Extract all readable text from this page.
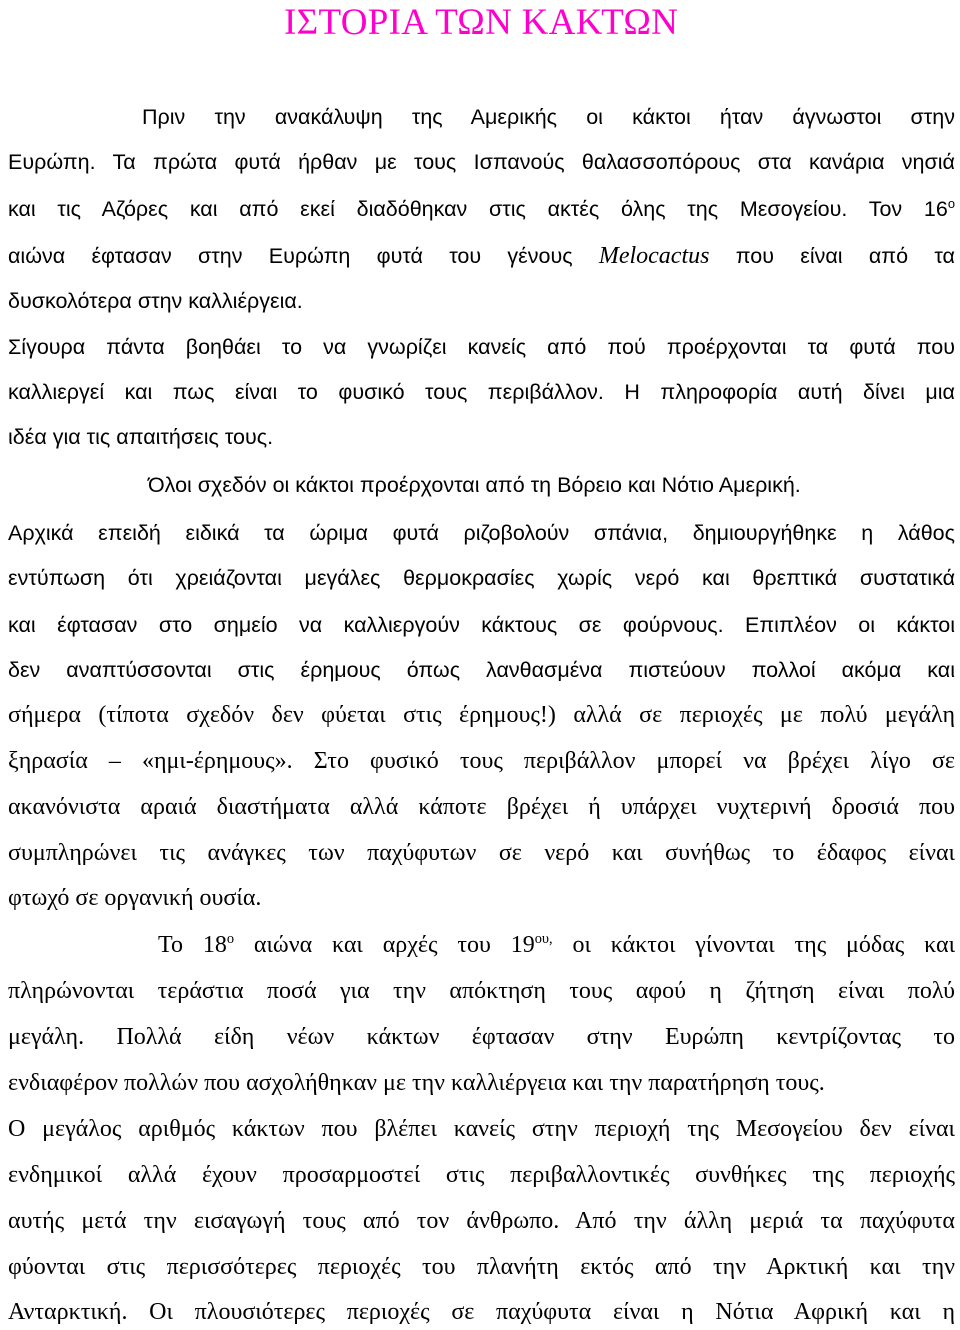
ΙΣΤΟΡΙΑ ΤΩΝ ΚΑΚΤΩΝ
Πριν την ανακάλυψη της Αμερικής οι κάκτοι ήταν άγνωστοι στην
Ευρώπη. Τα πρώτα φυτά ήρθαν με τους Ισπανούς θαλασσοπόρους στα κανάρια νησιά
και τις Αζόρες και από εκεί διαδόθηκαν στις ακτές όλης της Μεσογείου. Τον $16^o$
αιώνα έφτασαν στην Ευρώπη φυτά του γένους Melocactus που είναι από τα
δυσκολότερα στην καλλιέργεια.
Σίγουρα πάντα βοηθάει το να γνωρίζει κανείς από πού προέρχονται τα φυτά που
καλλιεργεί και πως είναι το φυσικό τους περιβάλλον. Η πληροφορία αυτή δίνει μια
ιδέα για τις απαιτήσεις τους.
Όλοι σχεδόν οι κάκτοι προέρχονται από τη Βόρειο και Νότιο Αμερική.
Αρχικά επειδή ειδικά τα ώριμα φυτά ριζοβολούν σπάνια, δημιουργήθηκε η λάθος
εντύπωση ότι χρειάζονται μεγάλες θερμοκρασίες χωρίς νερό και θρεπτικά συστατικά
και έφτασαν στο σημείο να καλλιεργούν κάκτους σε φούρνους. Επιπλέον οι κάκτοι
δεν αναπτύσσονται στις έρημους όπως λανθασμένα πιστεύουν πολλοί ακόμα και
σήμερα (τίποτα σχεδόν δεν φύεται στις έρημους!) αλλά σε περιοχές με πολύ μεγάλη
ξηρασία – «ημι-έρημους». Στο φυσικό τους περιβάλλον μπορεί να βρέχει λίγο σε
ακανόνιστα αραιά διαστήματα αλλά κάποτε βρέχει ή υπάρχει νυχτερινή δροσιά που
συμπληρώνει τις ανάγκες των παχύφυτων σε νερό και συνήθως το έδαφος είναι
φτωχό σε οργανική ουσία.
Το $18^o$ αιώνα και αρχές του $19^{o\upsilon,}$ οι κάκτοι γίνονται της μόδας και
πληρώνονται τεράστια ποσά για την απόκτηση τους αφού η ζήτηση είναι πολύ
μεγάλη. Πολλά είδη νέων κάκτων έφτασαν στην Ευρώπη κεντρίζοντας το
ενδιαφέρον πολλών που ασχολήθηκαν με την καλλιέργεια και την παρατήρηση τους.
Ο μεγάλος αριθμός κάκτων που βλέπει κανείς στην περιοχή της Μεσογείου δεν είναι
ενδημικοί αλλά έχουν προσαρμοστεί στις περιβαλλοντικές συνθήκες της περιοχής
αυτής μετά την εισαγωγή τους από τον άνθρωπο. Από την άλλη μεριά τα παχύφυτα
φύονται στις περισσότερες περιοχές του πλανήτη εκτός από την Αρκτική και την
Ανταρκτική. Οι πλουσιότερες περιοχές σε παχύφυτα είναι η Νότια Αφρική και η
